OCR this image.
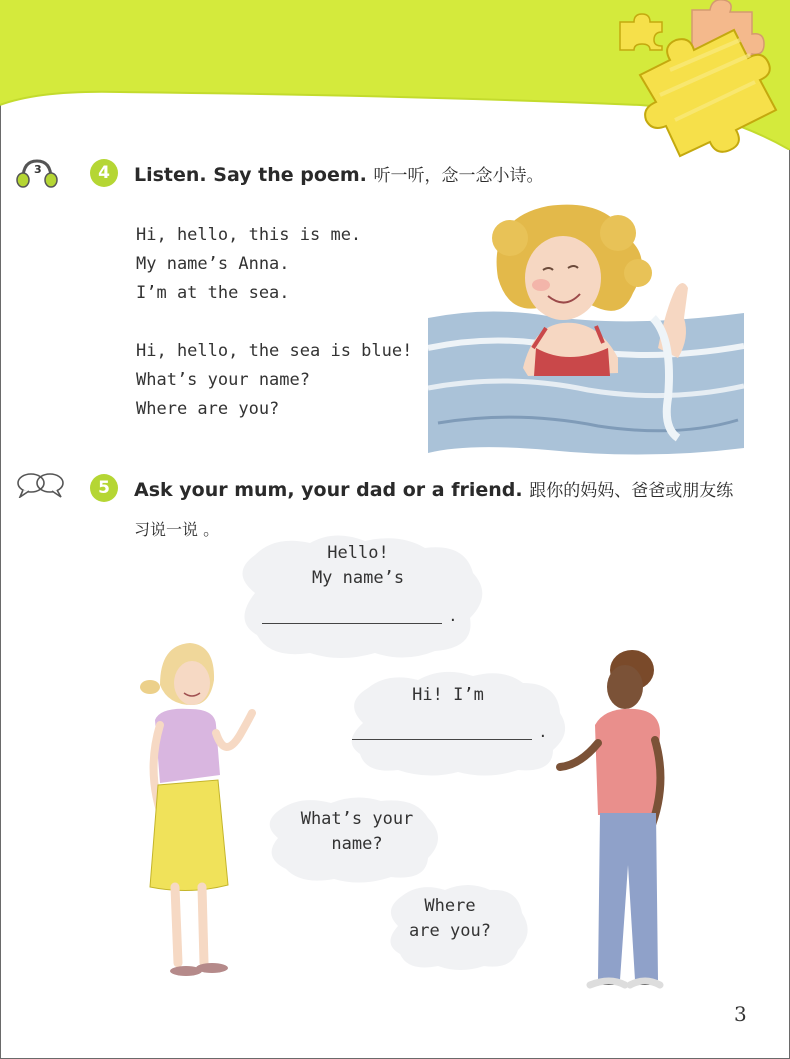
3	4	Listen. Say the poem. 听一听，念一念小诗。
Hi, hello, this is me.
My name’s Anna.
I’m at the sea.

Hi, hello, the sea is blue!
What’s your name?
Where are you?
5	Ask your mum, your dad or a friend. 跟你的妈妈、爸爸或朋友练
习说一说 。
Hello!
My name’s
.
Hi! I’m
.
What’s your
name?
Where
are you?
3
